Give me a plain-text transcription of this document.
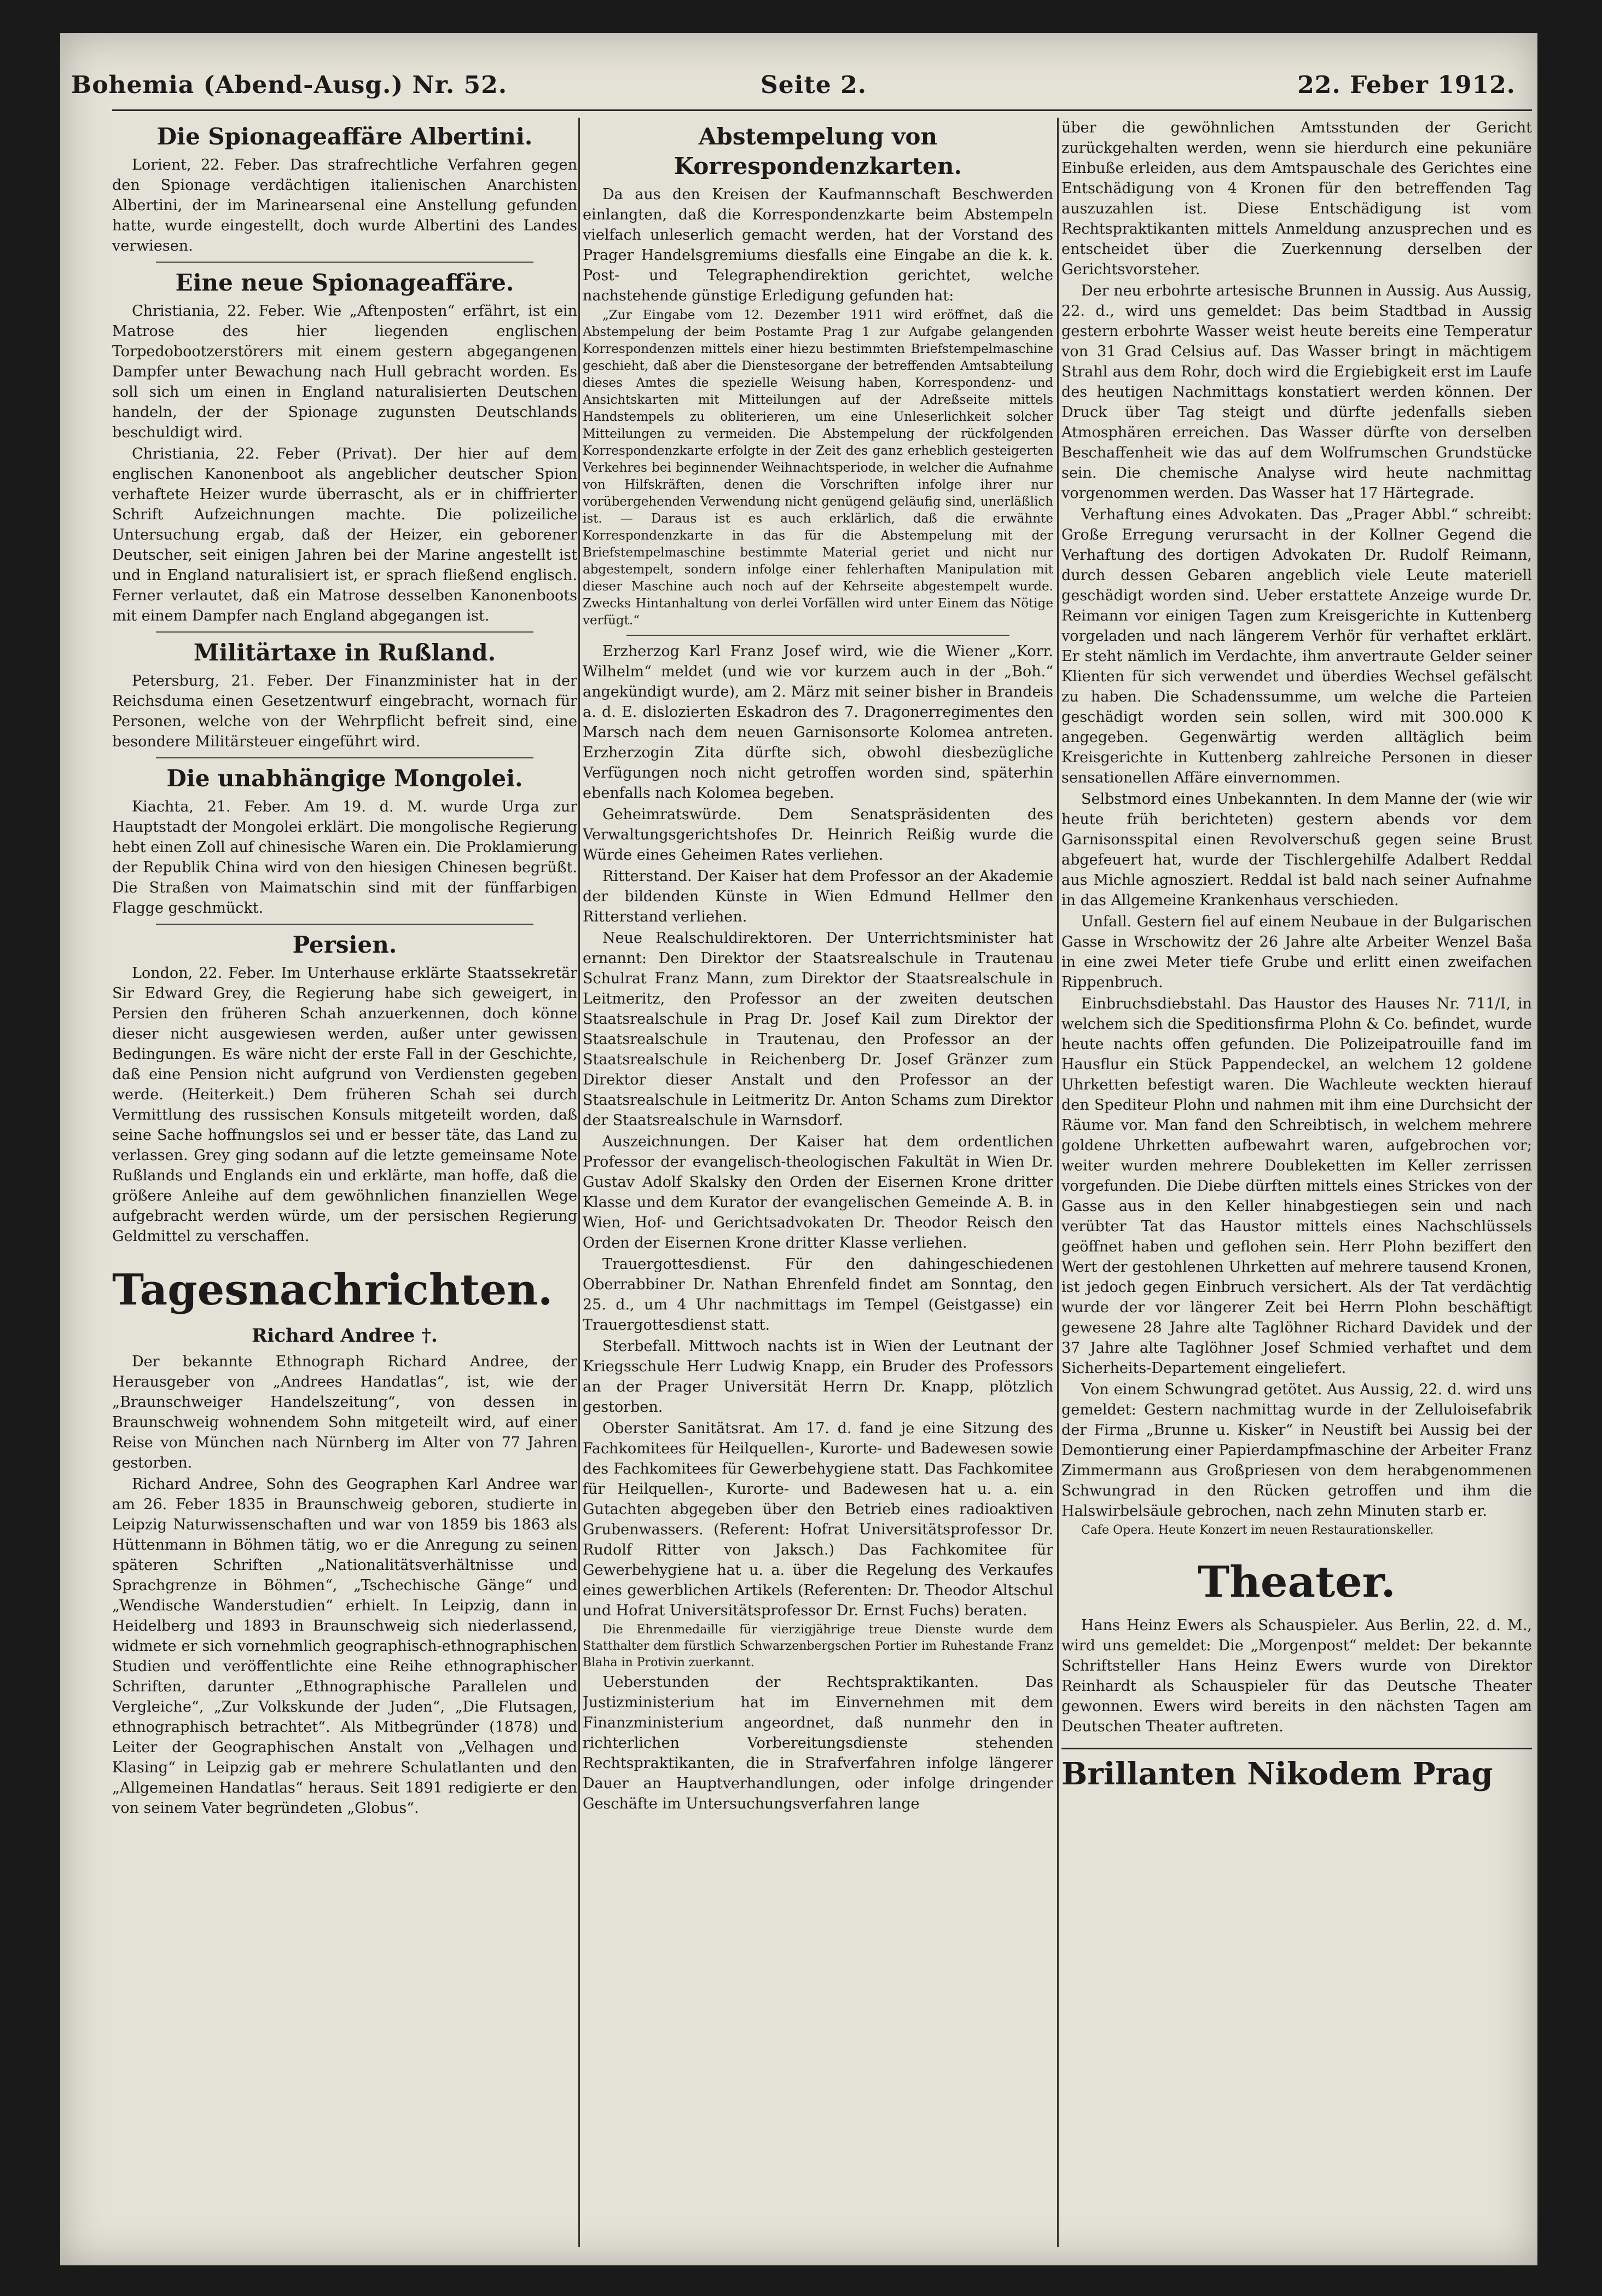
Bohemia (Abend-Ausg.) Nr. 52.	Seite 2.	22. Feber 1912.
Die Spionageaffäre Albertini.
Lorient, 22. Feber. Das strafrechtliche Verfahren gegen den Spionage verdächtigen italienischen Anarchisten Albertini, der im Marinearsenal eine Anstellung gefunden hatte, wurde eingestellt, doch wurde Albertini des Landes verwiesen.
Eine neue Spionageaffäre.
Christiania, 22. Feber. Wie „Aftenposten“ erfährt, ist ein Matrose des hier liegenden englischen Torpedobootzerstörers mit einem gestern abgegangenen Dampfer unter Bewachung nach Hull gebracht worden. Es soll sich um einen in England naturalisierten Deutschen handeln, der der Spionage zugunsten Deutschlands beschuldigt wird.
Christiania, 22. Feber (Privat). Der hier auf dem englischen Kanonenboot als angeblicher deutscher Spion verhaftete Heizer wurde überrascht, als er in chiffrierter Schrift Aufzeichnungen machte. Die polizeiliche Untersuchung ergab, daß der Heizer, ein geborener Deutscher, seit einigen Jahren bei der Marine angestellt ist und in England naturalisiert ist, er sprach fließend englisch. Ferner verlautet, daß ein Matrose desselben Kanonenboots mit einem Dampfer nach England abgegangen ist.
Militärtaxe in Rußland.
Petersburg, 21. Feber. Der Finanzminister hat in der Reichsduma einen Gesetzentwurf eingebracht, wornach für Personen, welche von der Wehrpflicht befreit sind, eine besondere Militärsteuer eingeführt wird.
Die unabhängige Mongolei.
Kiachta, 21. Feber. Am 19. d. M. wurde Urga zur Hauptstadt der Mongolei erklärt. Die mongolische Regierung hebt einen Zoll auf chinesische Waren ein. Die Proklamierung der Republik China wird von den hiesigen Chinesen begrüßt. Die Straßen von Maimatschin sind mit der fünffarbigen Flagge geschmückt.
Persien.
London, 22. Feber. Im Unterhause erklärte Staatssekretär Sir Edward Grey, die Regierung habe sich geweigert, in Persien den früheren Schah anzuerkennen, doch könne dieser nicht ausgewiesen werden, außer unter gewissen Bedingungen. Es wäre nicht der erste Fall in der Geschichte, daß eine Pension nicht aufgrund von Verdiensten gegeben werde. (Heiterkeit.) Dem früheren Schah sei durch Vermittlung des russischen Konsuls mitgeteilt worden, daß seine Sache hoffnungslos sei und er besser täte, das Land zu verlassen. Grey ging sodann auf die letzte gemeinsame Note Rußlands und Englands ein und erklärte, man hoffe, daß die größere Anleihe auf dem gewöhnlichen finanziellen Wege aufgebracht werden würde, um der persischen Regierung Geldmittel zu verschaffen.
Tagesnachrichten.
Richard Andree †.
Der bekannte Ethnograph Richard Andree, der Herausgeber von „Andrees Handatlas“, ist, wie der „Braunschweiger Handelszeitung“, von dessen in Braunschweig wohnendem Sohn mitgeteilt wird, auf einer Reise von München nach Nürnberg im Alter von 77 Jahren gestorben.
Richard Andree, Sohn des Geographen Karl Andree war am 26. Feber 1835 in Braunschweig geboren, studierte in Leipzig Naturwissenschaften und war von 1859 bis 1863 als Hüttenmann in Böhmen tätig, wo er die Anregung zu seinen späteren Schriften „Nationalitätsverhältnisse und Sprachgrenze in Böhmen“, „Tschechische Gänge“ und „Wendische Wanderstudien“ erhielt. In Leipzig, dann in Heidelberg und 1893 in Braunschweig sich niederlassend, widmete er sich vornehmlich geographisch-ethnographischen Studien und veröffentlichte eine Reihe ethnographischer Schriften, darunter „Ethnographische Parallelen und Vergleiche“, „Zur Volkskunde der Juden“, „Die Flutsagen, ethnographisch betrachtet“. Als Mitbegründer (1878) und Leiter der Geographischen Anstalt von „Velhagen und Klasing“ in Leipzig gab er mehrere Schulatlanten und den „Allgemeinen Handatlas“ heraus. Seit 1891 redigierte er den von seinem Vater begründeten „Globus“.
Abstempelung von Korrespondenzkarten.
Da aus den Kreisen der Kaufmannschaft Beschwerden einlangten, daß die Korrespondenzkarte beim Abstempeln vielfach unleserlich gemacht werden, hat der Vorstand des Prager Handelsgremiums diesfalls eine Eingabe an die k. k. Post- und Telegraphendirektion gerichtet, welche nachstehende günstige Erledigung gefunden hat:
„Zur Eingabe vom 12. Dezember 1911 wird eröffnet, daß die Abstempelung der beim Postamte Prag 1 zur Aufgabe gelangenden Korrespondenzen mittels einer hiezu bestimmten Briefstempelmaschine geschieht, daß aber die Dienstesorgane der betreffenden Amtsabteilung dieses Amtes die spezielle Weisung haben, Korrespondenz- und Ansichtskarten mit Mitteilungen auf der Adreßseite mittels Handstempels zu obliterieren, um eine Unleserlichkeit solcher Mitteilungen zu vermeiden. Die Abstempelung der rückfolgenden Korrespondenzkarte erfolgte in der Zeit des ganz erheblich gesteigerten Verkehres bei beginnender Weihnachtsperiode, in welcher die Aufnahme von Hilfskräften, denen die Vorschriften infolge ihrer nur vorübergehenden Verwendung nicht genügend geläufig sind, unerläßlich ist. — Daraus ist es auch erklärlich, daß die erwähnte Korrespondenzkarte in das für die Abstempelung mit der Briefstempelmaschine bestimmte Material geriet und nicht nur abgestempelt, sondern infolge einer fehlerhaften Manipulation mit dieser Maschine auch noch auf der Kehrseite abgestempelt wurde. Zwecks Hintanhaltung von derlei Vorfällen wird unter Einem das Nötige verfügt.“
Erzherzog Karl Franz Josef wird, wie die Wiener „Korr. Wilhelm“ meldet (und wie vor kurzem auch in der „Boh.“ angekündigt wurde), am 2. März mit seiner bisher in Brandeis a. d. E. dislozierten Eskadron des 7. Dragonerregimentes den Marsch nach dem neuen Garnisonsorte Kolomea antreten. Erzherzogin Zita dürfte sich, obwohl diesbezügliche Verfügungen noch nicht getroffen worden sind, späterhin ebenfalls nach Kolomea begeben.
Geheimratswürde. Dem Senatspräsidenten des Verwaltungsgerichtshofes Dr. Heinrich Reißig wurde die Würde eines Geheimen Rates verliehen.
Ritterstand. Der Kaiser hat dem Professor an der Akademie der bildenden Künste in Wien Edmund Hellmer den Ritterstand verliehen.
Neue Realschuldirektoren. Der Unterrichtsminister hat ernannt: Den Direktor der Staatsrealschule in Trautenau Schulrat Franz Mann, zum Direktor der Staatsrealschule in Leitmeritz, den Professor an der zweiten deutschen Staatsrealschule in Prag Dr. Josef Kail zum Direktor der Staatsrealschule in Trautenau, den Professor an der Staatsrealschule in Reichenberg Dr. Josef Gränzer zum Direktor dieser Anstalt und den Professor an der Staatsrealschule in Leitmeritz Dr. Anton Schams zum Direktor der Staatsrealschule in Warnsdorf.
Auszeichnungen. Der Kaiser hat dem ordentlichen Professor der evangelisch-theologischen Fakultät in Wien Dr. Gustav Adolf Skalsky den Orden der Eisernen Krone dritter Klasse und dem Kurator der evangelischen Gemeinde A. B. in Wien, Hof- und Gerichtsadvokaten Dr. Theodor Reisch den Orden der Eisernen Krone dritter Klasse verliehen.
Trauergottesdienst. Für den dahingeschiedenen Oberrabbiner Dr. Nathan Ehrenfeld findet am Sonntag, den 25. d., um 4 Uhr nachmittags im Tempel (Geistgasse) ein Trauergottesdienst statt.
Sterbefall. Mittwoch nachts ist in Wien der Leutnant der Kriegsschule Herr Ludwig Knapp, ein Bruder des Professors an der Prager Universität Herrn Dr. Knapp, plötzlich gestorben.
Oberster Sanitätsrat. Am 17. d. fand je eine Sitzung des Fachkomitees für Heilquellen-, Kurorte- und Badewesen sowie des Fachkomitees für Gewerbehygiene statt. Das Fachkomitee für Heilquellen-, Kurorte- und Badewesen hat u. a. ein Gutachten abgegeben über den Betrieb eines radioaktiven Grubenwassers. (Referent: Hofrat Universitätsprofessor Dr. Rudolf Ritter von Jaksch.) Das Fachkomitee für Gewerbehygiene hat u. a. über die Regelung des Verkaufes eines gewerblichen Artikels (Referenten: Dr. Theodor Altschul und Hofrat Universitätsprofessor Dr. Ernst Fuchs) beraten.
Die Ehrenmedaille für vierzigjährige treue Dienste wurde dem Statthalter dem fürstlich Schwarzenbergschen Portier im Ruhestande Franz Blaha in Protivin zuerkannt.
Ueberstunden der Rechtspraktikanten. Das Justizministerium hat im Einvernehmen mit dem Finanzministerium angeordnet, daß nunmehr den in richterlichen Vorbereitungsdienste stehenden Rechtspraktikanten, die in Strafverfahren infolge längerer Dauer an Hauptverhandlungen, oder infolge dringender Geschäfte im Untersuchungsverfahren lange
über die gewöhnlichen Amtsstunden der Gericht zurückgehalten werden, wenn sie hierdurch eine pekuniäre Einbuße erleiden, aus dem Amtspauschale des Gerichtes eine Entschädigung von 4 Kronen für den betreffenden Tag auszuzahlen ist. Diese Entschädigung ist vom Rechtspraktikanten mittels Anmeldung anzusprechen und es entscheidet über die Zuerkennung derselben der Gerichtsvorsteher.
Der neu erbohrte artesische Brunnen in Aussig. Aus Aussig, 22. d., wird uns gemeldet: Das beim Stadtbad in Aussig gestern erbohrte Wasser weist heute bereits eine Temperatur von 31 Grad Celsius auf. Das Wasser bringt in mächtigem Strahl aus dem Rohr, doch wird die Ergiebigkeit erst im Laufe des heutigen Nachmittags konstatiert werden können. Der Druck über Tag steigt und dürfte jedenfalls sieben Atmosphären erreichen. Das Wasser dürfte von derselben Beschaffenheit wie das auf dem Wolfrumschen Grundstücke sein. Die chemische Analyse wird heute nachmittag vorgenommen werden. Das Wasser hat 17 Härtegrade.
Verhaftung eines Advokaten. Das „Prager Abbl.“ schreibt: Große Erregung verursacht in der Kollner Gegend die Verhaftung des dortigen Advokaten Dr. Rudolf Reimann, durch dessen Gebaren angeblich viele Leute materiell geschädigt worden sind. Ueber erstattete Anzeige wurde Dr. Reimann vor einigen Tagen zum Kreisgerichte in Kuttenberg vorgeladen und nach längerem Verhör für verhaftet erklärt. Er steht nämlich im Verdachte, ihm anvertraute Gelder seiner Klienten für sich verwendet und überdies Wechsel gefälscht zu haben. Die Schadenssumme, um welche die Parteien geschädigt worden sein sollen, wird mit 300.000 K angegeben. Gegenwärtig werden alltäglich beim Kreisgerichte in Kuttenberg zahlreiche Personen in dieser sensationellen Affäre einvernommen.
Selbstmord eines Unbekannten. In dem Manne der (wie wir heute früh berichteten) gestern abends vor dem Garnisonsspital einen Revolverschuß gegen seine Brust abgefeuert hat, wurde der Tischlergehilfe Adalbert Reddal aus Michle agnosziert. Reddal ist bald nach seiner Aufnahme in das Allgemeine Krankenhaus verschieden.
Unfall. Gestern fiel auf einem Neubaue in der Bulgarischen Gasse in Wrschowitz der 26 Jahre alte Arbeiter Wenzel Baša in eine zwei Meter tiefe Grube und erlitt einen zweifachen Rippenbruch.
Einbruchsdiebstahl. Das Haustor des Hauses Nr. 711/I, in welchem sich die Speditionsfirma Plohn & Co. befindet, wurde heute nachts offen gefunden. Die Polizeipatrouille fand im Hausflur ein Stück Pappendeckel, an welchem 12 goldene Uhrketten befestigt waren. Die Wachleute weckten hierauf den Spediteur Plohn und nahmen mit ihm eine Durchsicht der Räume vor. Man fand den Schreibtisch, in welchem mehrere goldene Uhrketten aufbewahrt waren, aufgebrochen vor; weiter wurden mehrere Doubleketten im Keller zerrissen vorgefunden. Die Diebe dürften mittels eines Strickes von der Gasse aus in den Keller hinabgestiegen sein und nach verübter Tat das Haustor mittels eines Nachschlüssels geöffnet haben und geflohen sein. Herr Plohn beziffert den Wert der gestohlenen Uhrketten auf mehrere tausend Kronen, ist jedoch gegen Einbruch versichert. Als der Tat verdächtig wurde der vor längerer Zeit bei Herrn Plohn beschäftigt gewesene 28 Jahre alte Taglöhner Richard Davidek und der 37 Jahre alte Taglöhner Josef Schmied verhaftet und dem Sicherheits-Departement eingeliefert.
Von einem Schwungrad getötet. Aus Aussig, 22. d. wird uns gemeldet: Gestern nachmittag wurde in der Zelluloisefabrik der Firma „Brunne u. Kisker“ in Neustift bei Aussig bei der Demontierung einer Papierdampfmaschine der Arbeiter Franz Zimmermann aus Großpriesen von dem herabgenommenen Schwungrad in den Rücken getroffen und ihm die Halswirbelsäule gebrochen, nach zehn Minuten starb er.
Cafe Opera. Heute Konzert im neuen Restaurationskeller.
Theater.
Hans Heinz Ewers als Schauspieler. Aus Berlin, 22. d. M., wird uns gemeldet: Die „Morgenpost“ meldet: Der bekannte Schriftsteller Hans Heinz Ewers wurde von Direktor Reinhardt als Schauspieler für das Deutsche Theater gewonnen. Ewers wird bereits in den nächsten Tagen am Deutschen Theater auftreten.
Brillanten Nikodem Prag
